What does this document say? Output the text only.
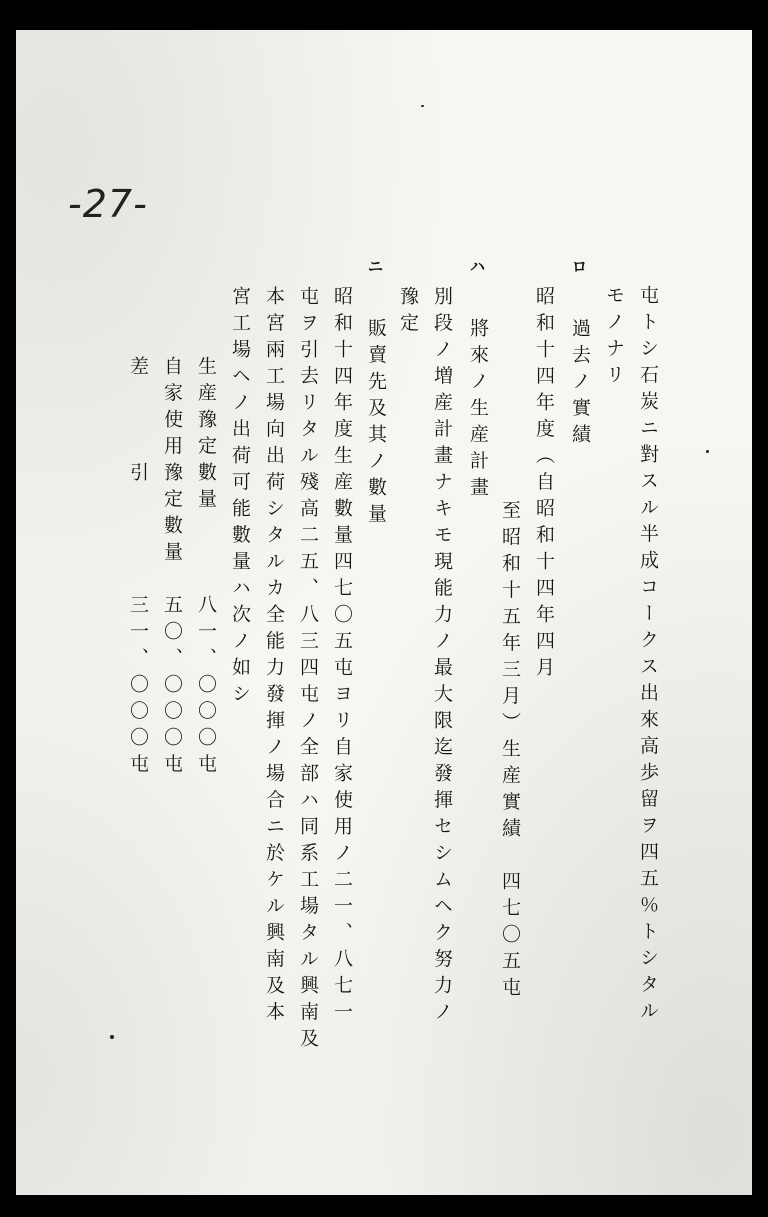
-27-
屯トシ石炭ニ對スル半成コークス出來高歩留ヲ四五％トシタル
モノナリ
ロ
過去ノ實績
昭和十四年度（自昭和十四年四月
至昭和十五年三月）生産實績　四七〇五屯
ハ
將來ノ生産計畫
別段ノ増産計畫ナキモ現能力ノ最大限迄發揮セシムヘク努力ノ
豫定
ニ
販賣先及其ノ數量
昭和十四年度生産數量四七〇五屯ヨリ自家使用ノ二一、八七一
屯ヲ引去リタル殘高二五、八三四屯ノ全部ハ同系工場タル興南及
本宮兩工場向出荷シタルカ全能力發揮ノ場合ニ於ケル興南及本
宮工場ヘノ出荷可能數量ハ次ノ如シ
生産豫定數量　　　八一、〇〇〇屯
自家使用豫定數量　五〇、〇〇〇屯
差　　　引　　　　三一、〇〇〇屯
